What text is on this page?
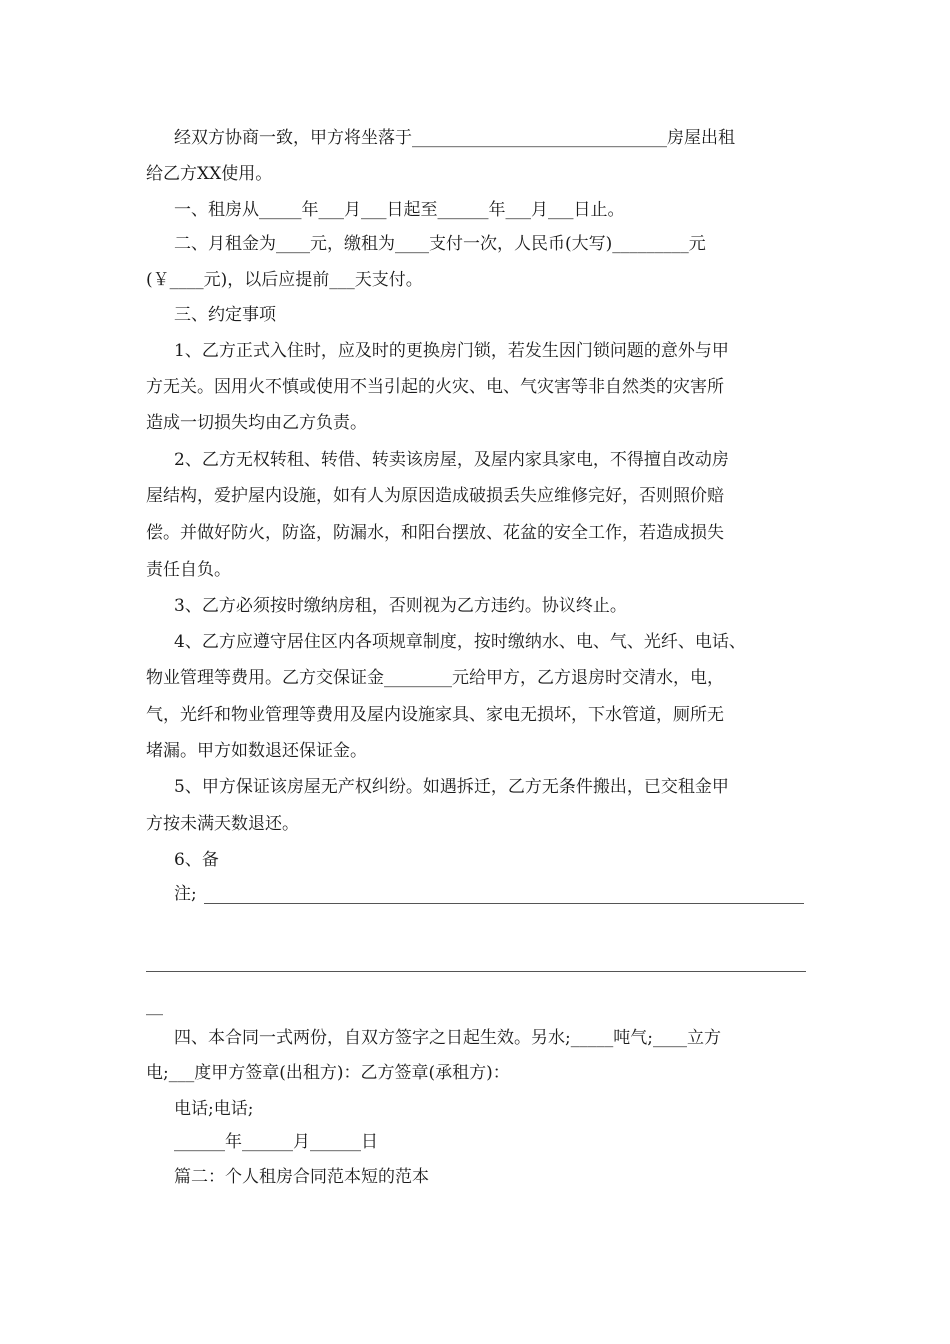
经双方协商一致，甲方将坐落于______________________________房屋出租
给乙方XX使用。
一、租房从_____年___月___日起至______年___月___日止。
二、月租金为____元，缴租为____支付一次，人民币(大写)_________元
(￥____元)，以后应提前___天支付。
三、约定事项
1、乙方正式入住时，应及时的更换房门锁，若发生因门锁问题的意外与甲
方无关。因用火不慎或使用不当引起的火灾、电、气灾害等非自然类的灾害所
造成一切损失均由乙方负责。
2、乙方无权转租、转借、转卖该房屋，及屋内家具家电，不得擅自改动房
屋结构，爱护屋内设施，如有人为原因造成破损丢失应维修完好，否则照价赔
偿。并做好防火，防盗，防漏水，和阳台摆放、花盆的安全工作，若造成损失
责任自负。
3、乙方必须按时缴纳房租，否则视为乙方违约。协议终止。
4、乙方应遵守居住区内各项规章制度，按时缴纳水、电、气、光纤、电话、
物业管理等费用。乙方交保证金________元给甲方，乙方退房时交清水，电，
气，光纤和物业管理等费用及屋内设施家具、家电无损坏，下水管道，厕所无
堵漏。甲方如数退还保证金。
5、甲方保证该房屋无产权纠纷。如遇拆迁，乙方无条件搬出，已交租金甲
方按未满天数退还。
6、备
注;
__
四、本合同一式两份，自双方签字之日起生效。另水;_____吨气;____立方
电;___度甲方签章(出租方)：乙方签章(承租方)：
电话;电话;
______年______月______日
篇二：个人租房合同范本短的范本
